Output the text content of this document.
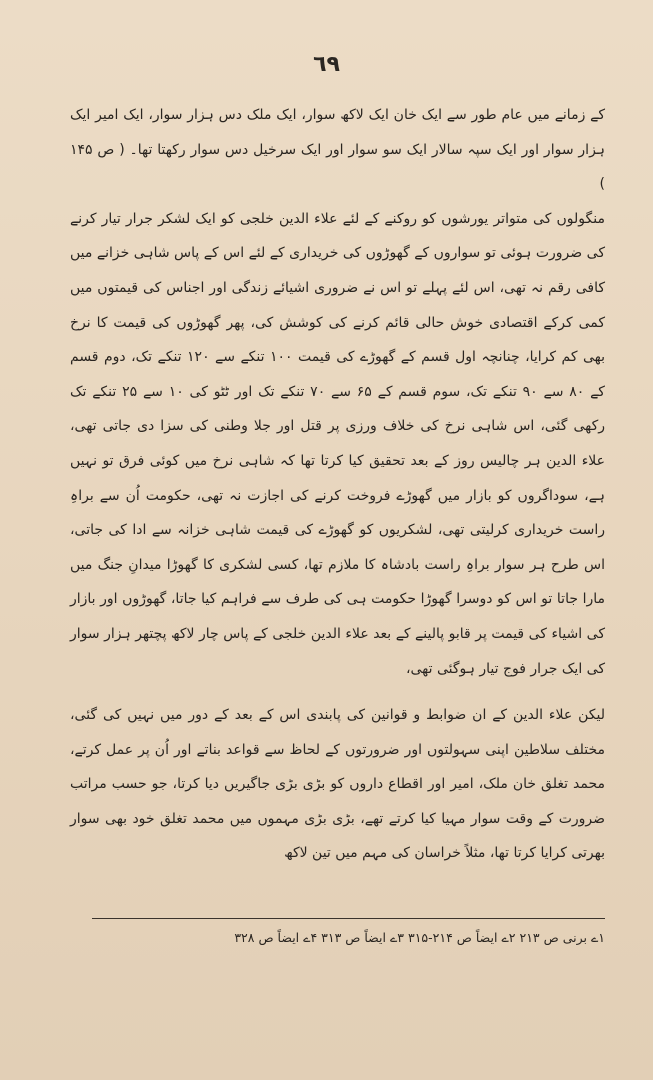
٦٩

کے زمانے میں عام طور سے ایک خان ایک لاکھ سوار، ایک ملک دس ہزار سوار، ایک امیر ایک ہزار سوار اور ایک سپہ سالار ایک سو سوار اور ایک سرخیل دس سوار رکھتا تھا۔ ( ص ۱۴۵ )

منگولوں کی متواتر یورشوں کو روکنے کے لئے علاء الدین خلجی کو ایک لشکر جرار تیار کرنے کی ضرورت ہوئی تو سواروں کے گھوڑوں کی خریداری کے لئے اس کے پاس شاہی خزانے میں کافی رقم نہ تھی، اس لئے پہلے تو اس نے ضروری اشیائے زندگی اور اجناس کی قیمتوں میں کمی کرکے اقتصادی خوش حالی قائم کرنے کی کوشش کی، پھر گھوڑوں کی قیمت کا نرخ بھی کم کرایا، چنانچہ اول قسم کے گھوڑے کی قیمت ۱۰۰ تنکے سے ۱۲۰ تنکے تک، دوم قسم کے ۸۰ سے ۹۰ تنکے تک، سوم قسم کے ۶۵ سے ۷۰ تنکے تک اور ٹٹو کی ۱۰ سے ۲۵ تنکے تک رکھی گئی، اس شاہی نرخ کی خلاف ورزی پر قتل اور جلا وطنی کی سزا دی جاتی تھی، علاء الدین ہر چالیس روز کے بعد تحقیق کیا کرتا تھا کہ شاہی نرخ میں کوئی فرق تو نہیں ہے، سوداگروں کو بازار میں گھوڑے فروخت کرنے کی اجازت نہ تھی، حکومت اُن سے براہِ راست خریداری کرلیتی تھی، لشکریوں کو گھوڑے کی قیمت شاہی خزانہ سے ادا کی جاتی، اس طرح ہر سوار براہِ راست بادشاہ کا ملازم تھا، کسی لشکری کا گھوڑا میدانِ جنگ میں مارا جاتا تو اس کو دوسرا گھوڑا حکومت ہی کی طرف سے فراہم کیا جاتا، گھوڑوں اور بازار کی اشیاء کی قیمت پر قابو پالینے کے بعد علاء الدین خلجی کے پاس چار لاکھ پچتھر ہزار سوار کی ایک جرار فوج تیار ہوگئی تھی،

لیکن علاء الدین کے ان ضوابط و قوانین کی پابندی اس کے بعد کے دور میں نہیں کی گئی، مختلف سلاطین اپنی سہولتوں اور ضرورتوں کے لحاظ سے قواعد بناتے اور اُن پر عمل کرتے، محمد تغلق خان ملک، امیر اور اقطاع داروں کو بڑی بڑی جاگیریں دیا کرتا، جو حسب مراتب ضرورت کے وقت سوار مہیا کیا کرتے تھے، بڑی بڑی مہموں میں محمد تغلق خود بھی سوار بھرتی کرایا کرتا تھا، مثلاً خراسان کی مہم میں تین لاکھ

۱ے برنی ص ۲۱۳ ۲ے ایضاً ص ۲۱۴-۳۱۵ ۳ے ایضاً ص ۳۱۳ ۴ے ایضاً ص ۳۲۸
